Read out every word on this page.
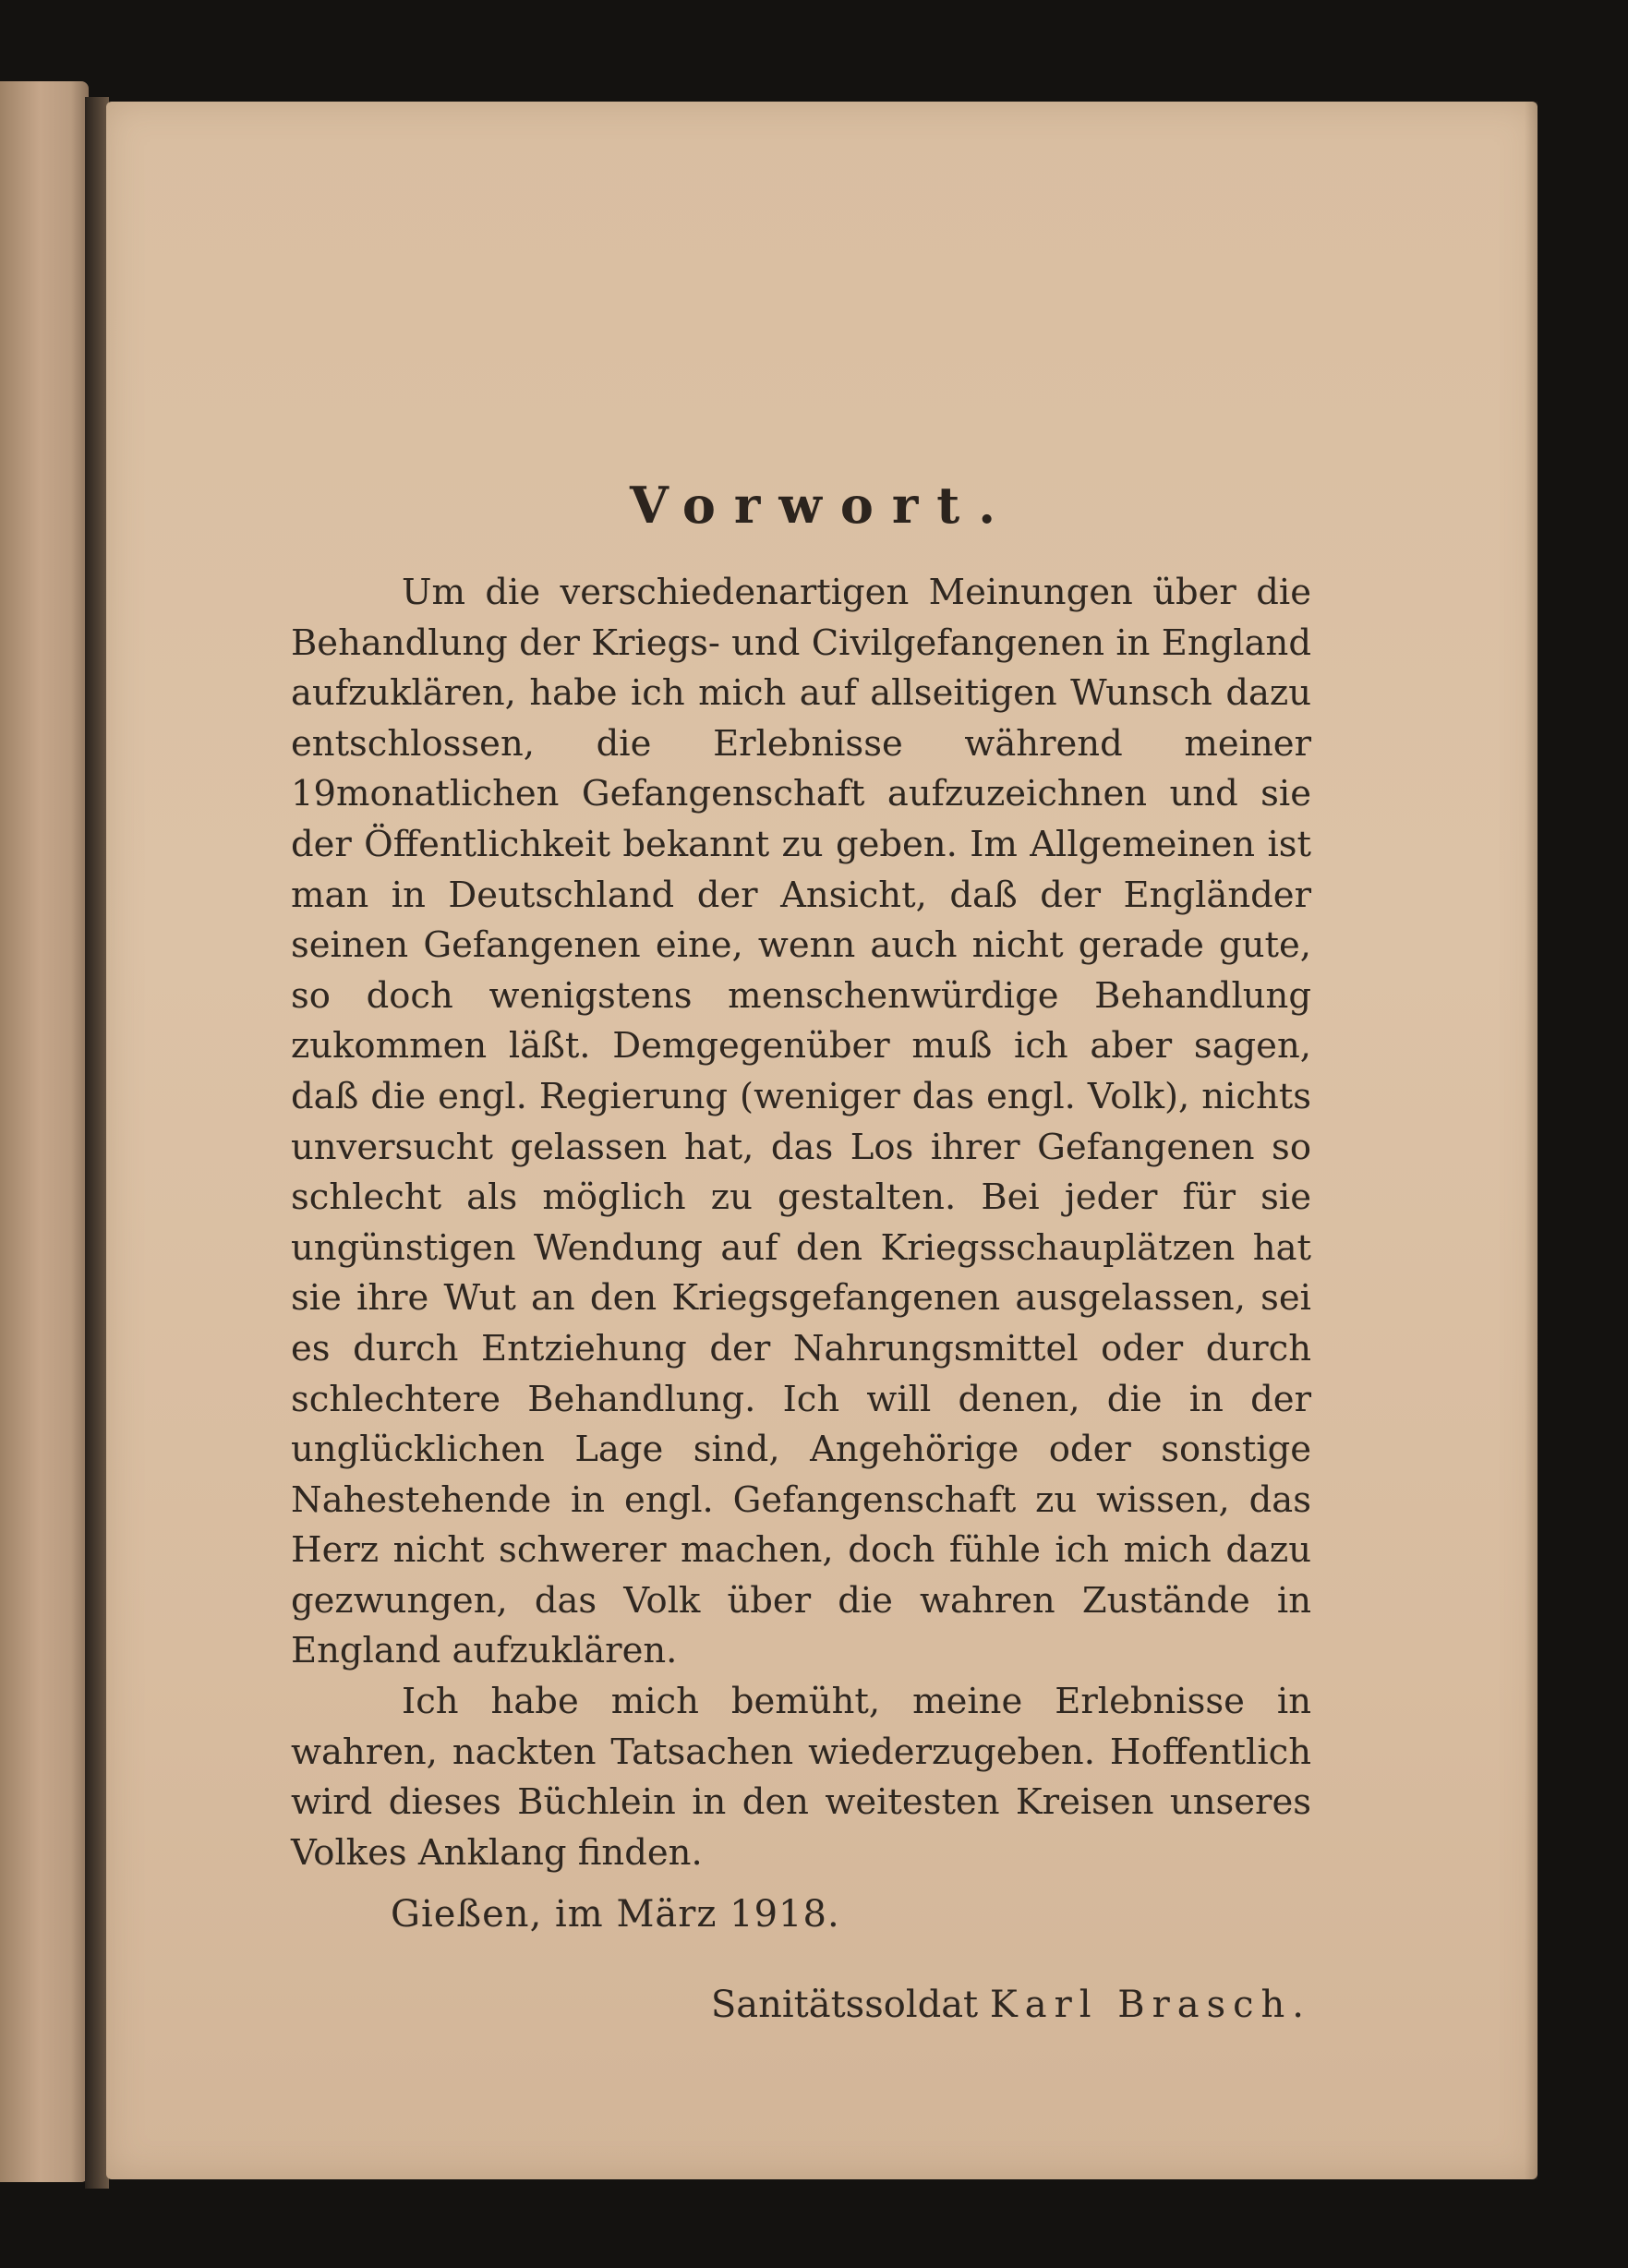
Vorwort.

Um die verschiedenartigen Meinungen über die Behandlung der Kriegs- und Civilgefangenen in England aufzuklären, habe ich mich auf allseitigen Wunsch dazu entschlossen, die Erlebnisse während meiner 19monatlichen Gefangenschaft aufzuzeichnen und sie der Öffentlichkeit bekannt zu geben. Im Allgemeinen ist man in Deutschland der Ansicht, daß der Engländer seinen Gefangenen eine, wenn auch nicht gerade gute, so doch wenigstens menschenwürdige Behandlung zukommen läßt. Demgegenüber muß ich aber sagen, daß die engl. Regierung (weniger das engl. Volk), nichts unversucht gelassen hat, das Los ihrer Gefangenen so schlecht als möglich zu gestalten. Bei jeder für sie ungünstigen Wendung auf den Kriegsschauplätzen hat sie ihre Wut an den Kriegsgefangenen ausgelassen, sei es durch Entziehung der Nahrungsmittel oder durch schlechtere Behandlung. Ich will denen, die in der unglücklichen Lage sind, Angehörige oder sonstige Nahestehende in engl. Gefangenschaft zu wissen, das Herz nicht schwerer machen, doch fühle ich mich dazu gezwungen, das Volk über die wahren Zustände in England aufzuklären.

Ich habe mich bemüht, meine Erlebnisse in wahren, nackten Tatsachen wiederzugeben. Hoffentlich wird dieses Büchlein in den weitesten Kreisen unseres Volkes Anklang finden.

Gießen, im März 1918.
Sanitätssoldat Karl Brasch.
